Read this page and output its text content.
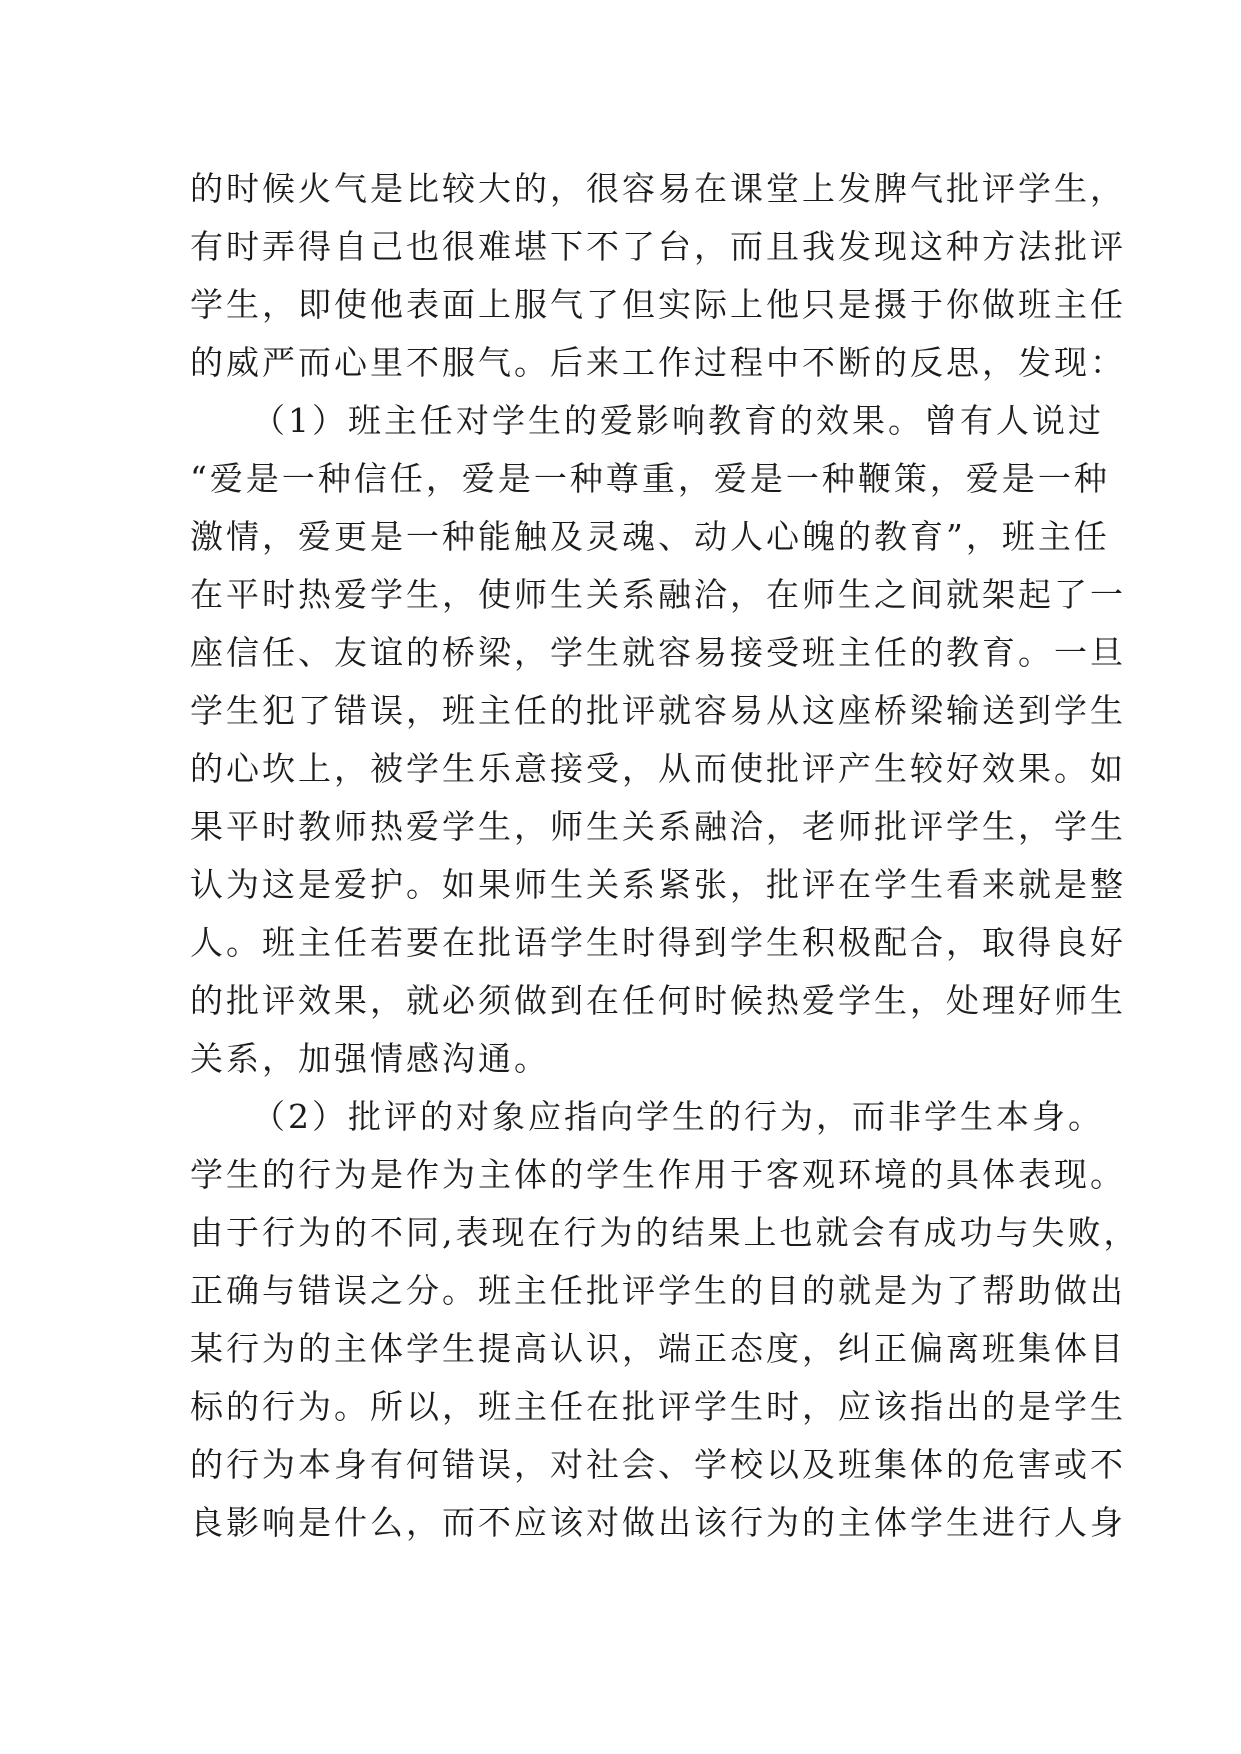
的时候火气是比较大的，很容易在课堂上发脾气批评学生，
有时弄得自己也很难堪下不了台，而且我发现这种方法批评
学生，即使他表面上服气了但实际上他只是摄于你做班主任
的威严而心里不服气。后来工作过程中不断的反思，发现：
（1）班主任对学生的爱影响教育的效果。曾有人说过
“爱是一种信任，爱是一种尊重，爱是一种鞭策，爱是一种
激情，爱更是一种能触及灵魂、动人心魄的教育”，班主任
在平时热爱学生，使师生关系融洽，在师生之间就架起了一
座信任、友谊的桥梁，学生就容易接受班主任的教育。一旦
学生犯了错误，班主任的批评就容易从这座桥梁输送到学生
的心坎上，被学生乐意接受，从而使批评产生较好效果。如
果平时教师热爱学生，师生关系融洽，老师批评学生，学生
认为这是爱护。如果师生关系紧张，批评在学生看来就是整
人。班主任若要在批语学生时得到学生积极配合，取得良好
的批评效果，就必须做到在任何时候热爱学生，处理好师生
关系，加强情感沟通。
（2）批评的对象应指向学生的行为，而非学生本身。
学生的行为是作为主体的学生作用于客观环境的具体表现。
由于行为的不同,表现在行为的结果上也就会有成功与失败，
正确与错误之分。班主任批评学生的目的就是为了帮助做出
某行为的主体学生提高认识，端正态度，纠正偏离班集体目
标的行为。所以，班主任在批评学生时，应该指出的是学生
的行为本身有何错误，对社会、学校以及班集体的危害或不
良影响是什么，而不应该对做出该行为的主体学生进行人身
